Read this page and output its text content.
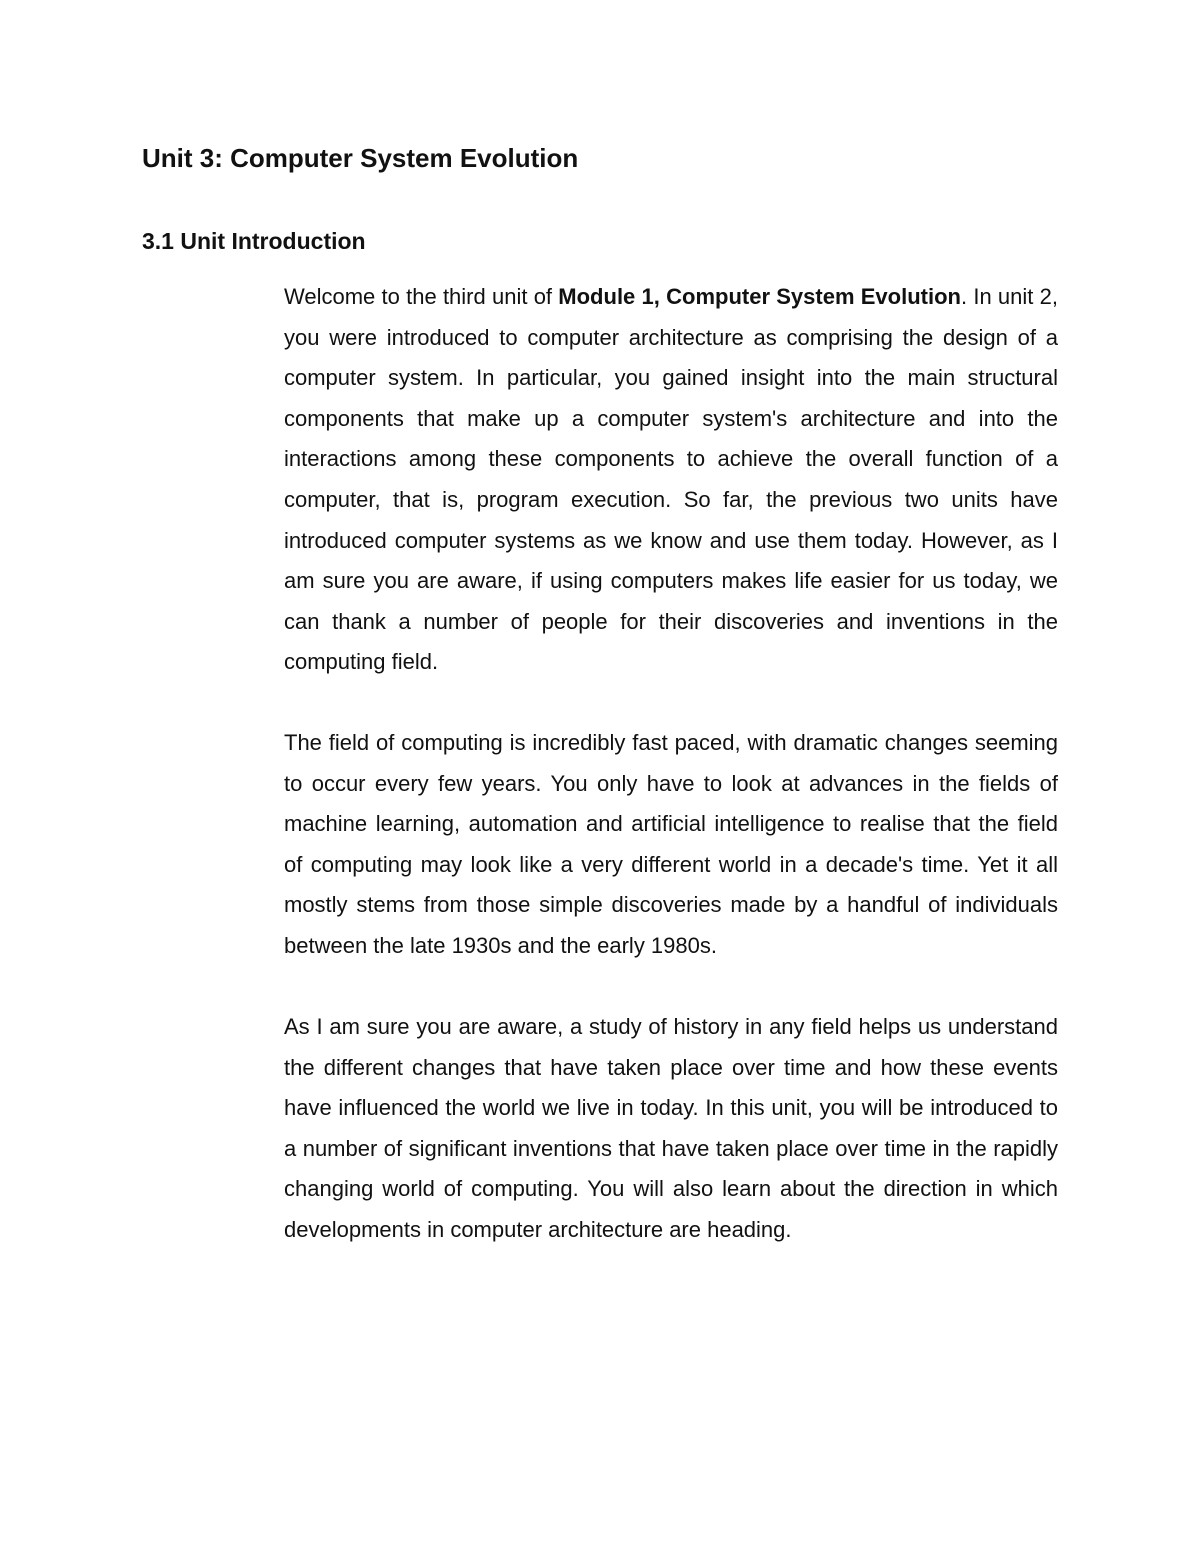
Unit 3: Computer System Evolution
3.1 Unit Introduction

Welcome to the third unit of Module 1, Computer System Evolution. In unit 2, you were introduced to computer architecture as comprising the design of a computer system. In particular, you gained insight into the main structural components that make up a computer system's architecture and into the interactions among these components to achieve the overall function of a computer, that is, program execution. So far, the previous two units have introduced computer systems as we know and use them today. However, as I am sure you are aware, if using computers makes life easier for us today, we can thank a number of people for their discoveries and inventions in the computing field.

The field of computing is incredibly fast paced, with dramatic changes seeming to occur every few years. You only have to look at advances in the fields of machine learning, automation and artificial intelligence to realise that the field of computing may look like a very different world in a decade's time. Yet it all mostly stems from those simple discoveries made by a handful of individuals between the late 1930s and the early 1980s.

As I am sure you are aware, a study of history in any field helps us understand the different changes that have taken place over time and how these events have influenced the world we live in today. In this unit, you will be introduced to a number of significant inventions that have taken place over time in the rapidly changing world of computing. You will also learn about the direction in which developments in computer architecture are heading.
